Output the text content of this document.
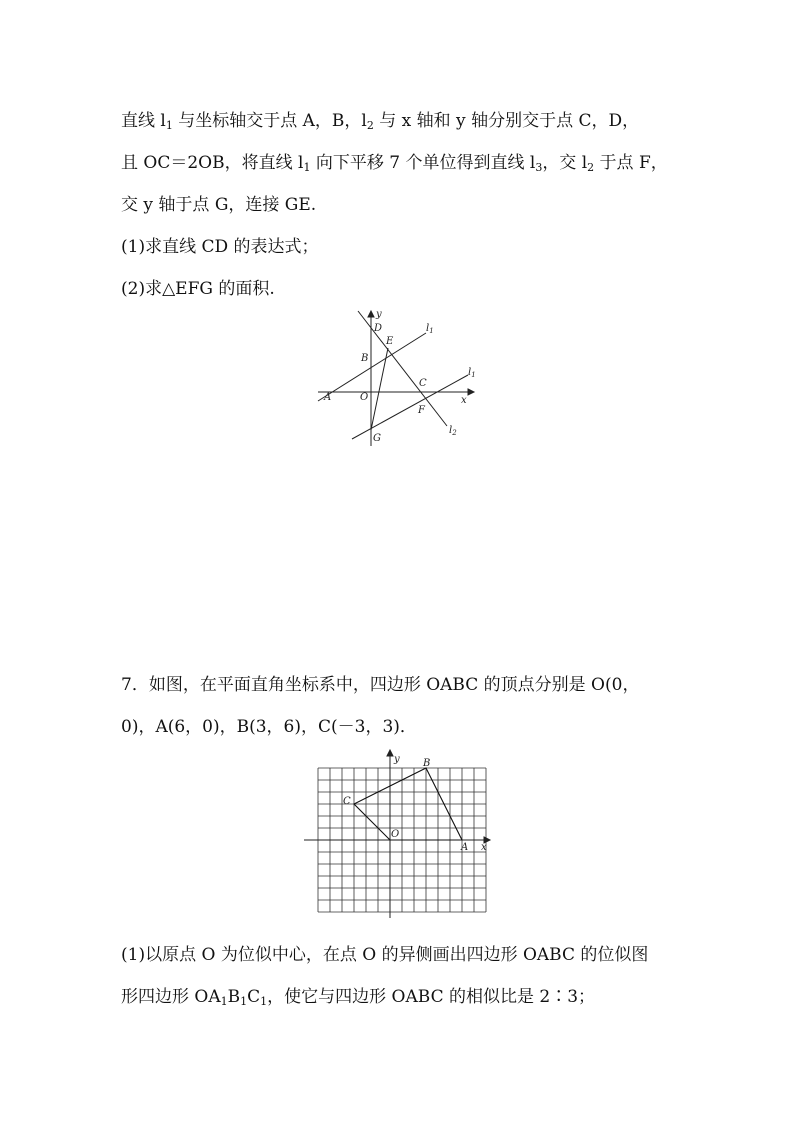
直线 $l_1$ 与坐标轴交于点 A，B，$l_2$ 与 x 轴和 y 轴分别交于点 C，D，
且 OC＝2OB，将直线 $l_1$ 向下平移 7 个单位得到直线 $l_3$，交 $l_2$ 于点 F，
交 y 轴于点 G，连接 GE.
(1)求直线 CD 的表达式；
(2)求△EFG 的面积.
y
x
D
E
B
C
A	O
F
G
$l_1$
$l_1$
$l_2$
7．如图，在平面直角坐标系中，四边形 OABC 的顶点分别是 O(0，
0)，A(6，0)，B(3，6)，C(－3，3)．
y
x
B
C
O
A
(1)以原点 O 为位似中心，在点 O 的异侧画出四边形 OABC 的位似图
形四边形 $OA_1B_1C_1$，使它与四边形 OABC 的相似比是 2∶3；
